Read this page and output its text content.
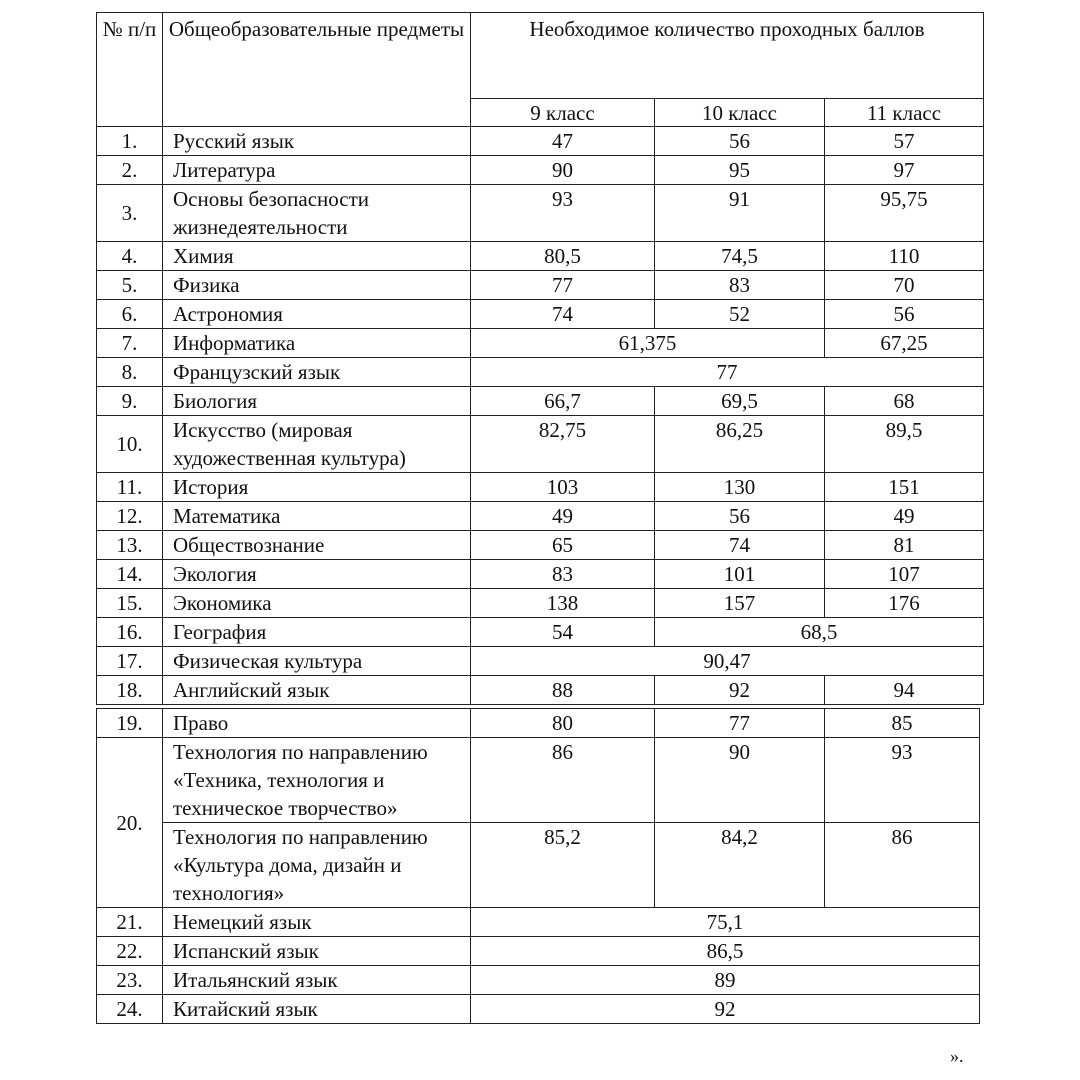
№ п/п	Общеобразовательные предметы	Необходимое количество проходных баллов		
		9 класс	10 класс	11 класс
1.	Русский язык	47	56	57
2.	Литература	90	95	97
3.	Основы безопасности жизнедеятельности	93	91	95,75
4.	Химия	80,5	74,5	110
5.	Физика	77	83	70
6.	Астрономия	74	52	56
7.	Информатика	61,375		67,25
8.	Французский язык	77		
9.	Биология	66,7	69,5	68
10.	Искусство (мировая художественная культура)	82,75	86,25	89,5
11.	История	103	130	151
12.	Математика	49	56	49
13.	Обществознание	65	74	81
14.	Экология	83	101	107
15.	Экономика	138	157	176
16.	География	54	68,5	
17.	Физическая культура	90,47		
18.	Английский язык	88	92	94
19.	Право	80	77	85
20.	Технология по направлению «Техника, технология и техническое творчество»	86	90	93
	Технология по направлению «Культура дома, дизайн и технология»	85,2	84,2	86
21.	Немецкий язык	75,1		
22.	Испанский язык	86,5		
23.	Итальянский язык	89		
24.	Китайский язык	92		
».
